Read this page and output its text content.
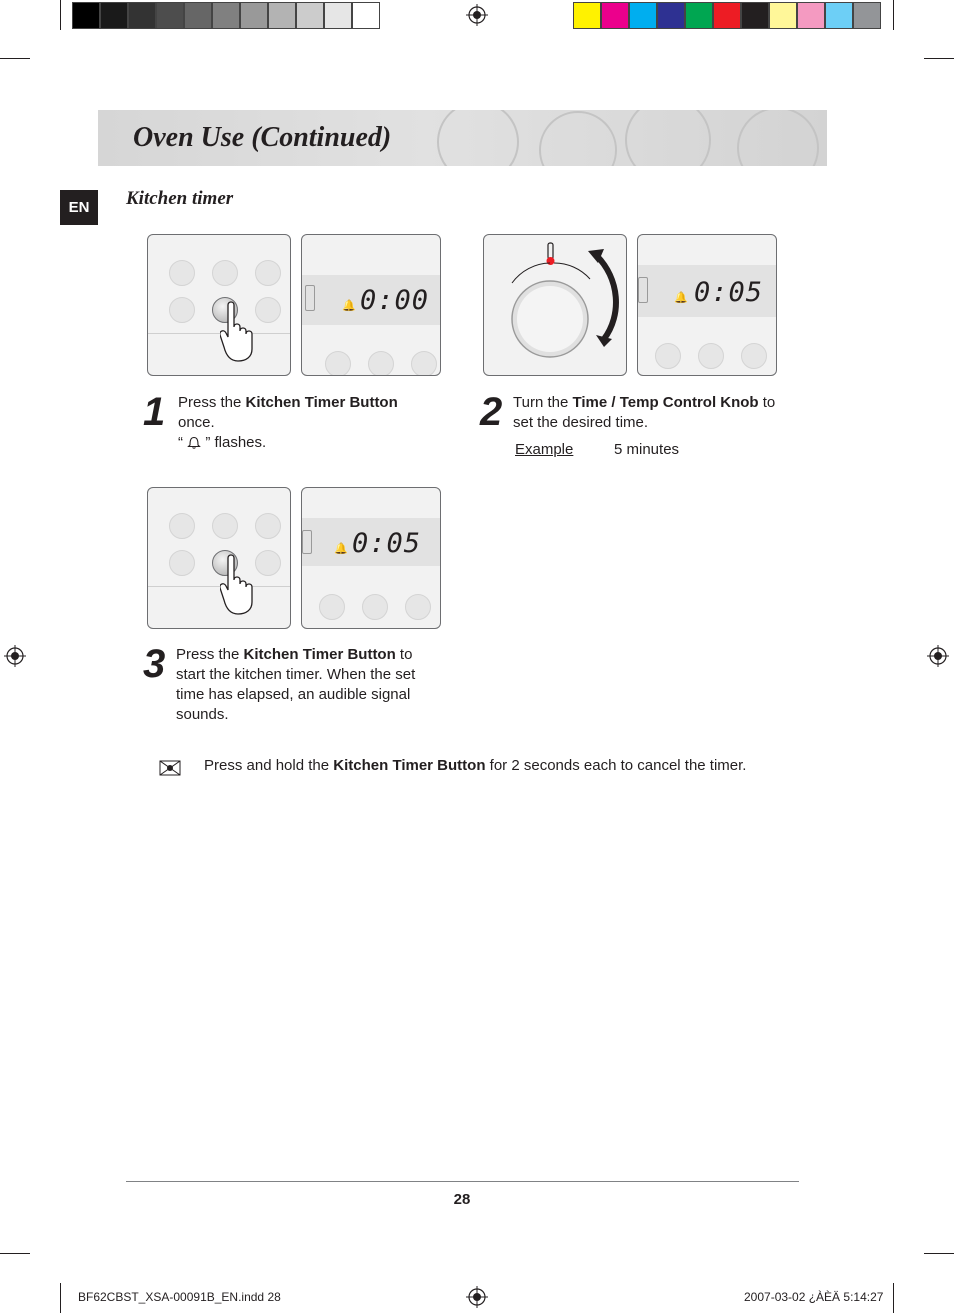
Oven Use (Continued)
EN	Kitchen timer
🔔 0:00	🔔 0:05
🔔 0:05
1 Press the Kitchen Timer Button once.
“  ” flashes.
2 Turn the Time / Temp Control Knob to set the desired time.
Example	5 minutes
3 Press the Kitchen Timer Button to start the kitchen timer. When the set time has elapsed, an audible signal sounds.
Press and hold the Kitchen Timer Button for 2 seconds each to cancel the timer.
28
BF62CBST_XSA-00091B_EN.indd 28	2007-03-02 ¿ÀÈÄ 5:14:27
